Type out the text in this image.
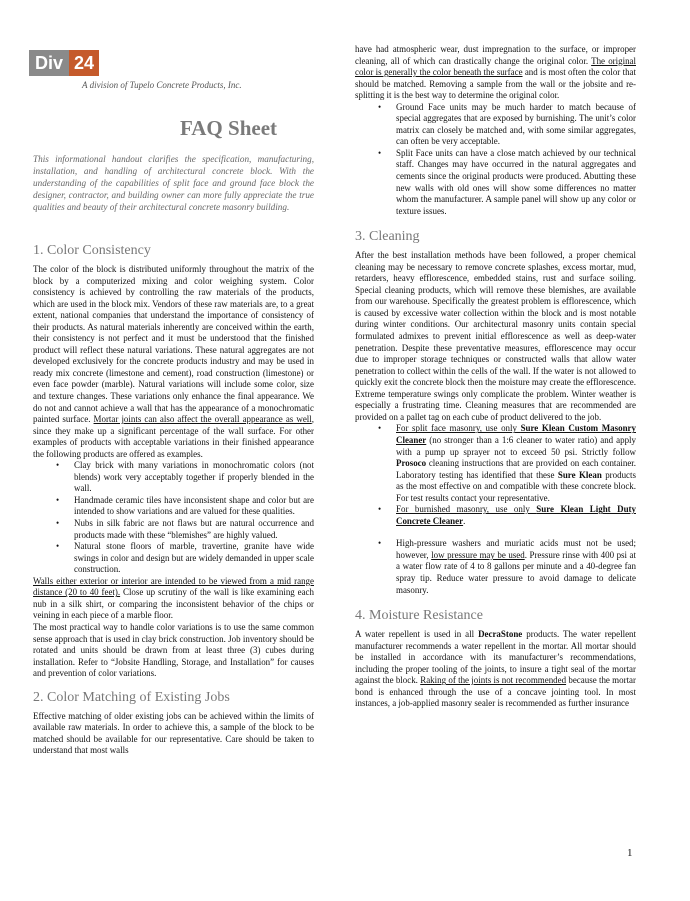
Div 24
A division of Tupelo Concrete Products, Inc.
FAQ Sheet
This informational handout clarifies the specification, manufacturing, installation, and handling of architectural concrete block. With the understanding of the capabilities of split face and ground face block the designer, contractor, and building owner can more fully appreciate the true qualities and beauty of their architectural concrete masonry building.
1. Color Consistency

The color of the block is distributed uniformly throughout the matrix of the block by a computerized mixing and color weighing system. Color consistency is achieved by controlling the raw materials of the products, which are used in the block mix. Vendors of these raw materials are, to a great extent, national companies that understand the importance of consistency of their products. As natural materials inherently are conceived within the earth, their consistency is not perfect and it must be understood that the finished product will reflect these natural variations. These natural aggregates are not developed exclusively for the concrete products industry and may be used in ready mix concrete (limestone and cement), road construction (limestone) or even face powder (marble). Natural variations will include some color, size and texture changes. These variations only enhance the final appearance. We do not and cannot achieve a wall that has the appearance of a monochromatic painted surface. Mortar joints can also affect the overall appearance as well, since they make up a significant percentage of the wall surface. For other examples of products with acceptable variations in their finished appearance the following products are offered as examples.

• Clay brick with many variations in monochromatic colors (not blends) work very acceptably together if properly blended in the wall.
• Handmade ceramic tiles have inconsistent shape and color but are intended to show variations and are valued for these qualities.
• Nubs in silk fabric are not flaws but are natural occurrence and products made with these “blemishes” are highly valued.
• Natural stone floors of marble, travertine, granite have wide swings in color and design but are widely demanded in upper scale construction.

Walls either exterior or interior are intended to be viewed from a mid range distance (20 to 40 feet). Close up scrutiny of the wall is like examining each nub in a silk shirt, or comparing the inconsistent behavior of the chips or veining in each piece of a marble floor.

The most practical way to handle color variations is to use the same common sense approach that is used in clay brick construction. Job inventory should be rotated and units should be drawn from at least three (3) cubes during installation. Refer to “Jobsite Handling, Storage, and Installation” for causes and prevention of color variations.

2. Color Matching of Existing Jobs

Effective matching of older existing jobs can be achieved within the limits of available raw materials. In order to achieve this, a sample of the block to be matched should be available for our representative. Care should be taken to understand that most walls

have had atmospheric wear, dust impregnation to the surface, or improper cleaning, all of which can drastically change the original color. The original color is generally the color beneath the surface and is most often the color that should be matched. Removing a sample from the wall or the jobsite and re-splitting it is the best way to determine the original color.

• Ground Face units may be much harder to match because of special aggregates that are exposed by burnishing. The unit’s color matrix can closely be matched and, with some similar aggregates, can often be very acceptable.
• Split Face units can have a close match achieved by our technical staff. Changes may have occurred in the natural aggregates and cements since the original products were produced. Abutting these new walls with old ones will show some differences no matter whom the manufacturer. A sample panel will show up any color or texture issues.
3. Cleaning

After the best installation methods have been followed, a proper chemical cleaning may be necessary to remove concrete splashes, excess mortar, mud, retarders, heavy efflorescence, embedded stains, rust and surface soiling. Special cleaning products, which will remove these blemishes, are available from our warehouse. Specifically the greatest problem is efflorescence, which is caused by excessive water collection within the block and is most notable during winter conditions. Our architectural masonry units contain special formulated admixes to prevent initial efflorescence as well as deep-water penetration. Despite these preventative measures, efflorescence may occur due to improper storage techniques or constructed walls that allow water penetration to collect within the cells of the wall. If the water is not allowed to quickly exit the concrete block then the moisture may create the efflorescence. Extreme temperature swings only complicate the problem. Winter weather is especially a frustrating time. Cleaning measures that are recommended are provided on a pallet tag on each cube of product delivered to the job.

• For split face masonry, use only Sure Klean Custom Masonry Cleaner (no stronger than a 1:6 cleaner to water ratio) and apply with a pump up sprayer not to exceed 50 psi. Strictly follow Prosoco cleaning instructions that are provided on each container. Laboratory testing has identified that these Sure Klean products as the most effective on and compatible with these concrete block. For test results contact your representative.
• For burnished masonry, use only Sure Klean Light Duty Concrete Cleaner.
• High-pressure washers and muriatic acids must not be used; however, low pressure may be used. Pressure rinse with 400 psi at a water flow rate of 4 to 8 gallons per minute and a 40-degree fan spray tip. Reduce water pressure to avoid damage to delicate masonry.
4. Moisture Resistance

A water repellent is used in all DecraStone products. The water repellent manufacturer recommends a water repellent in the mortar. All mortar should be installed in accordance with its manufacturer’s recommendations, including the proper tooling of the joints, to insure a tight seal of the mortar against the block. Raking of the joints is not recommended because the mortar bond is enhanced through the use of a concave jointing tool. In most instances, a job-applied masonry sealer is recommended as further insurance

1
